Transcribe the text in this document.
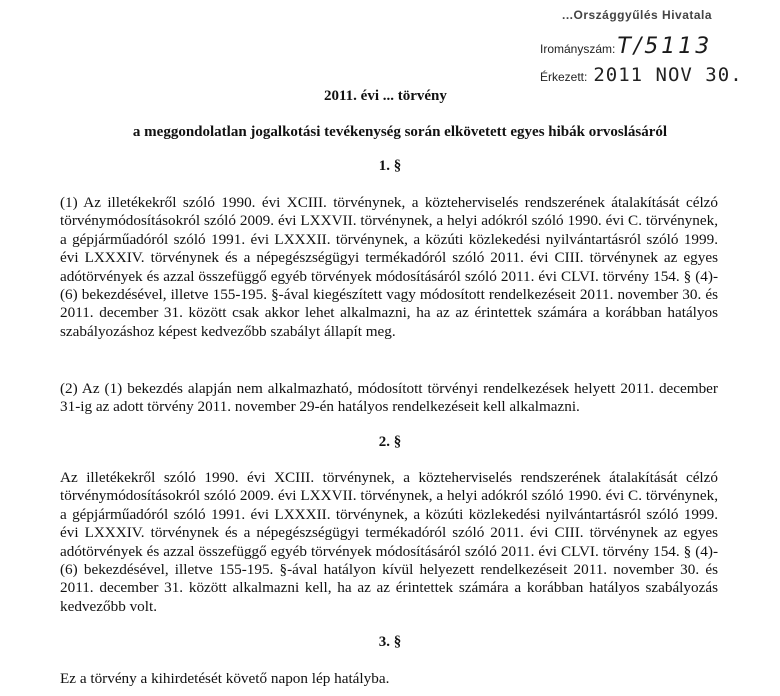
...Országgyűlés Hivatala
Irományszám: T/5113
Érkezett: 2011 NOV 30.
2011. évi ... törvény
a meggondolatlan jogalkotási tevékenység során elkövetett egyes hibák orvoslásáról
1. §
(1) Az illetékekről szóló 1990. évi XCIII. törvénynek, a közteherviselés rendszerének átalakítását célzó törvénymódosításokról szóló 2009. évi LXXVII. törvénynek, a helyi adókról szóló 1990. évi C. törvénynek, a gépjárműadóról szóló 1991. évi LXXXII. törvénynek, a közúti közlekedési nyilvántartásról szóló 1999. évi LXXXIV. törvénynek és a népegészségügyi termékadóról szóló 2011. évi CIII. törvénynek az egyes adótörvények és azzal összefüggő egyéb törvények módosításáról szóló 2011. évi CLVI. törvény 154. § (4)-(6) bekezdésével, illetve 155-195. §-ával kiegészített vagy módosított rendelkezéseit 2011. november 30. és 2011. december 31. között csak akkor lehet alkalmazni, ha az az érintettek számára a korábban hatályos szabályozáshoz képest kedvezőbb szabályt állapít meg.
(2) Az (1) bekezdés alapján nem alkalmazható, módosított törvényi rendelkezések helyett 2011. december 31-ig az adott törvény 2011. november 29-én hatályos rendelkezéseit kell alkalmazni.
2. §
Az illetékekről szóló 1990. évi XCIII. törvénynek, a közteherviselés rendszerének átalakítását célzó törvénymódosításokról szóló 2009. évi LXXVII. törvénynek, a helyi adókról szóló 1990. évi C. törvénynek, a gépjárműadóról szóló 1991. évi LXXXII. törvénynek, a közúti közlekedési nyilvántartásról szóló 1999. évi LXXXIV. törvénynek és a népegészségügyi termékadóról szóló 2011. évi CIII. törvénynek az egyes adótörvények és azzal összefüggő egyéb törvények módosításáról szóló 2011. évi CLVI. törvény 154. § (4)-(6) bekezdésével, illetve 155-195. §-ával hatályon kívül helyezett rendelkezéseit 2011. november 30. és 2011. december 31. között alkalmazni kell, ha az az érintettek számára a korábban hatályos szabályozás kedvezőbb volt.
3. §
Ez a törvény a kihirdetését követő napon lép hatályba.
